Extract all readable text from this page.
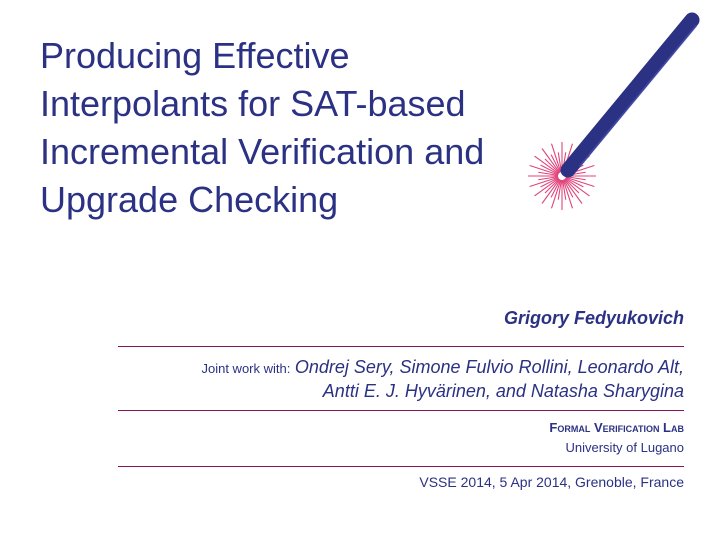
Producing Effective
Interpolants for SAT-based
Incremental Verification and
Upgrade Checking
Grigory Fedyukovich
Joint work with: Ondrej Sery, Simone Fulvio Rollini, Leonardo Alt,
Antti E. J. Hyvärinen, and Natasha Sharygina
Formal Verification Lab
University of Lugano
VSSE 2014, 5 Apr 2014, Grenoble, France
